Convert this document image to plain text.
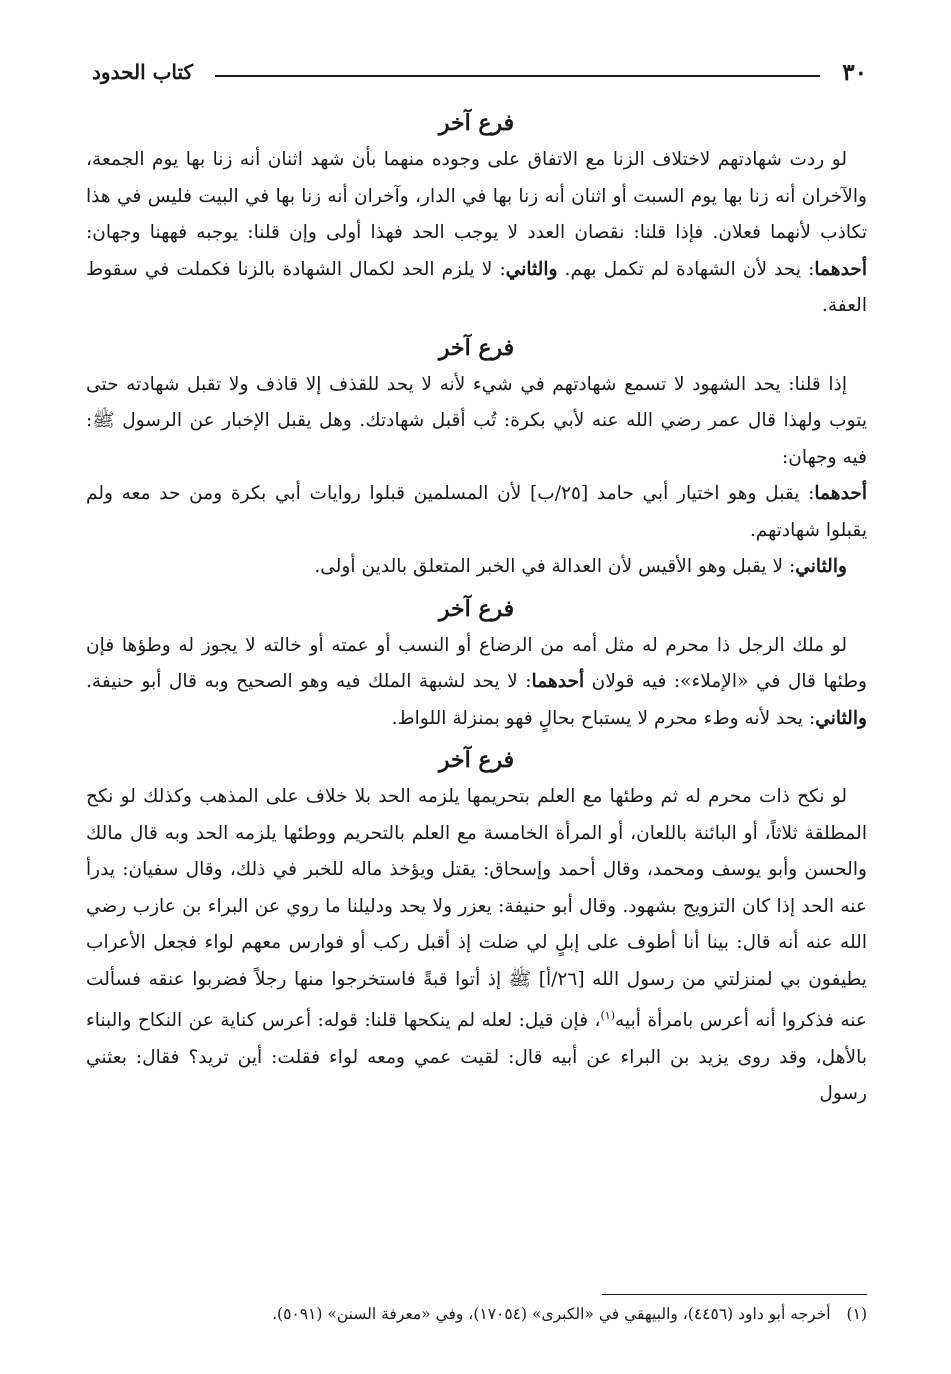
٣٠
كتاب الحدود
فرع آخر

لو ردت شهادتهم لاختلاف الزنا مع الاتفاق على وجوده منهما بأن شهد اثنان أنه زنا بها يوم الجمعة، والآخران أنه زنا بها يوم السبت أو اثنان أنه زنا بها في الدار، وآخران أنه زنا بها في البيت فليس في هذا تكاذب لأنهما فعلان. فإذا قلنا: نقصان العدد لا يوجب الحد فهذا أولى وإن قلنا: يوجبه فههنا وجهان: أحدهما: يحد لأن الشهادة لم تكمل بهم. والثاني: لا يلزم الحد لكمال الشهادة بالزنا فكملت في سقوط العفة.

فرع آخر

إذا قلنا: يحد الشهود لا تسمع شهادتهم في شيء لأنه لا يحد للقذف إلا قاذف ولا تقبل شهادته حتى يتوب ولهذا قال عمر رضي الله عنه لأبي بكرة: تُب أقبل شهادتك. وهل يقبل الإخبار عن الرسول ﷺ: فيه وجهان:

أحدهما: يقبل وهو اختيار أبي حامد [٢٥/ب] لأن المسلمين قبلوا روايات أبي بكرة ومن حد معه ولم يقبلوا شهادتهم.

والثاني: لا يقبل وهو الأقيس لأن العدالة في الخبر المتعلق بالدين أولى.

فرع آخر

لو ملك الرجل ذا محرم له مثل أمه من الرضاع أو النسب أو عمته أو خالته لا يجوز له وطؤها فإن وطئها قال في «الإملاء»: فيه قولان أحدهما: لا يحد لشبهة الملك فيه وهو الصحيح وبه قال أبو حنيفة. والثاني: يحد لأنه وطء محرم لا يستباح بحالٍ فهو بمنزلة اللواط.

فرع آخر

لو نكح ذات محرم له ثم وطئها مع العلم بتحريمها يلزمه الحد بلا خلاف على المذهب وكذلك لو نكح المطلقة ثلاثاً، أو البائنة باللعان، أو المرأة الخامسة مع العلم بالتحريم ووطئها يلزمه الحد وبه قال مالك والحسن وأبو يوسف ومحمد، وقال أحمد وإسحاق: يقتل ويؤخذ ماله للخبر في ذلك، وقال سفيان: يدرأ عنه الحد إذا كان التزويج بشهود. وقال أبو حنيفة: يعزر ولا يحد ودليلنا ما روي عن البراء بن عازب رضي الله عنه أنه قال: بينا أنا أطوف على إبلٍ لي ضلت إذ أقبل ركب أو فوارس معهم لواء فجعل الأعراب يطيفون بي لمنزلتي من رسول الله [٢٦/أ] ﷺ إذ أتوا قبةً فاستخرجوا منها رجلاً فضربوا عنقه فسألت عنه فذكروا أنه أعرس بامرأة أبيه$^{(١)}$، فإن قيل: لعله لم ينكحها قلنا: قوله: أعرس كناية عن النكاح والبناء بالأهل، وقد روى يزيد بن البراء عن أبيه قال: لقيت عمي ومعه لواء فقلت: أين تريد؟ فقال: بعثني رسول

(١)أخرجه أبو داود (٤٤٥٦)، والبيهقي في «الكبرى» (١٧٠٥٤)، وفي «معرفة السنن» (٥٠٩١).
